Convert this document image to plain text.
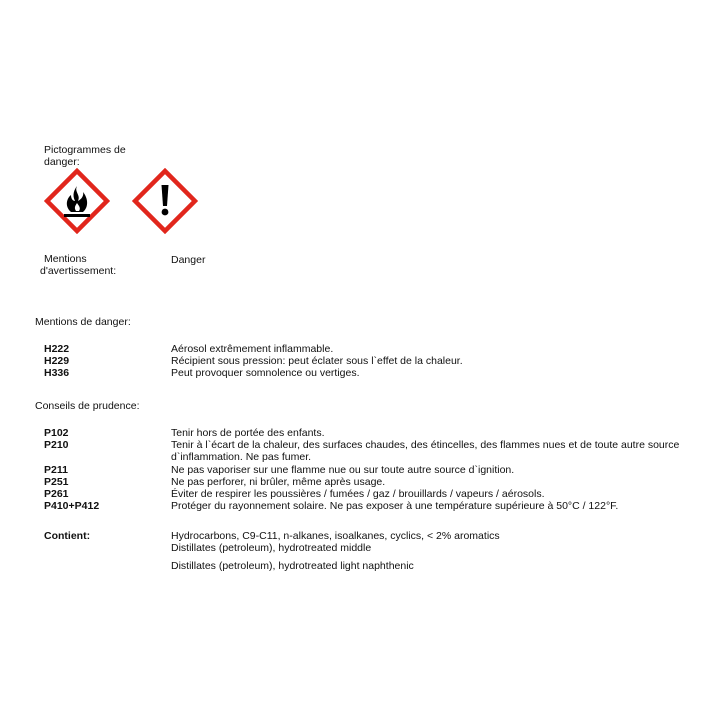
Pictogrammes de
danger:
Mentions
d'avertissement:
Danger
Mentions de danger:
H222	Aérosol extrêmement inflammable.
H229	Récipient sous pression: peut éclater sous l`effet de la chaleur.
H336	Peut provoquer somnolence ou vertiges.
Conseils de prudence:
P102	Tenir hors de portée des enfants.
P210	Tenir à l`écart de la chaleur, des surfaces chaudes, des étincelles, des flammes nues et de toute autre source
d`inflammation. Ne pas fumer.
P211	Ne pas vaporiser sur une flamme nue ou sur toute autre source d`ignition.
P251	Ne pas perforer, ni brûler, même après usage.
P261	Éviter de respirer les poussières / fumées / gaz / brouillards / vapeurs / aérosols.
P410+P412	Protéger du rayonnement solaire. Ne pas exposer à une température supérieure à 50°C / 122°F.
Contient:	Hydrocarbons, C9-C11, n-alkanes, isoalkanes, cyclics, < 2% aromatics
Distillates (petroleum), hydrotreated middle
Distillates (petroleum), hydrotreated light naphthenic
